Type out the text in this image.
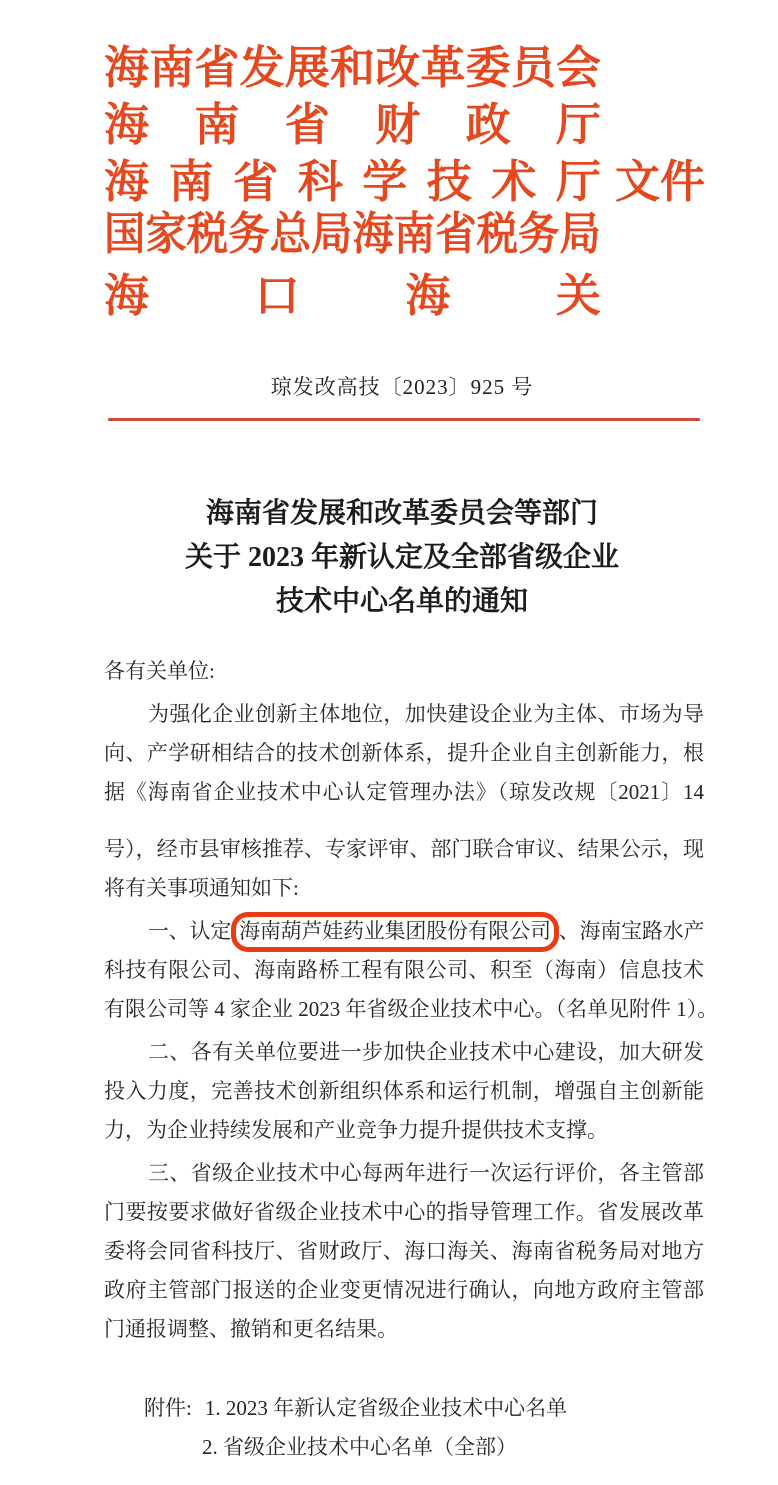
海 南 省 发 展 和 改 革 委 员 会
海 南 省 财 政 厅
海 南 省 科 学 技 术 厅 文件
国家税务总局海南省税务局
海 口 海 关
琼发改高技〔2023〕925 号
海南省发展和改革委员会等部门
关于 2023 年新认定及全部省级企业
技术中心名单的通知
各有关单位:
为强化企业创新主体地位，加快建设企业为主体、市场为导
向、产学研相结合的技术创新体系，提升企业自主创新能力，根
据《海南省企业技术中心认定管理办法》（琼发改规〔2021〕14
号），经市县审核推荐、专家评审、部门联合审议、结果公示，现
将有关事项通知如下:
一、认定 海南葫芦娃药业集团股份有限公司 、海南宝路水产
科技有限公司、海南路桥工程有限公司、积至（海南）信息技术
有限公司等 4 家企业 2023 年省级企业技术中心。（名单见附件 1）。
二、各有关单位要进一步加快企业技术中心建设，加大研发
投入力度，完善技术创新组织体系和运行机制，增强自主创新能
力，为企业持续发展和产业竞争力提升提供技术支撑。
三、省级企业技术中心每两年进行一次运行评价，各主管部
门要按要求做好省级企业技术中心的指导管理工作。省发展改革
委将会同省科技厅、省财政厅、海口海关、海南省税务局对地方
政府主管部门报送的企业变更情况进行确认，向地方政府主管部
门通报调整、撤销和更名结果。
附件: 1. 2023 年新认定省级企业技术中心名单
2. 省级企业技术中心名单（全部）
